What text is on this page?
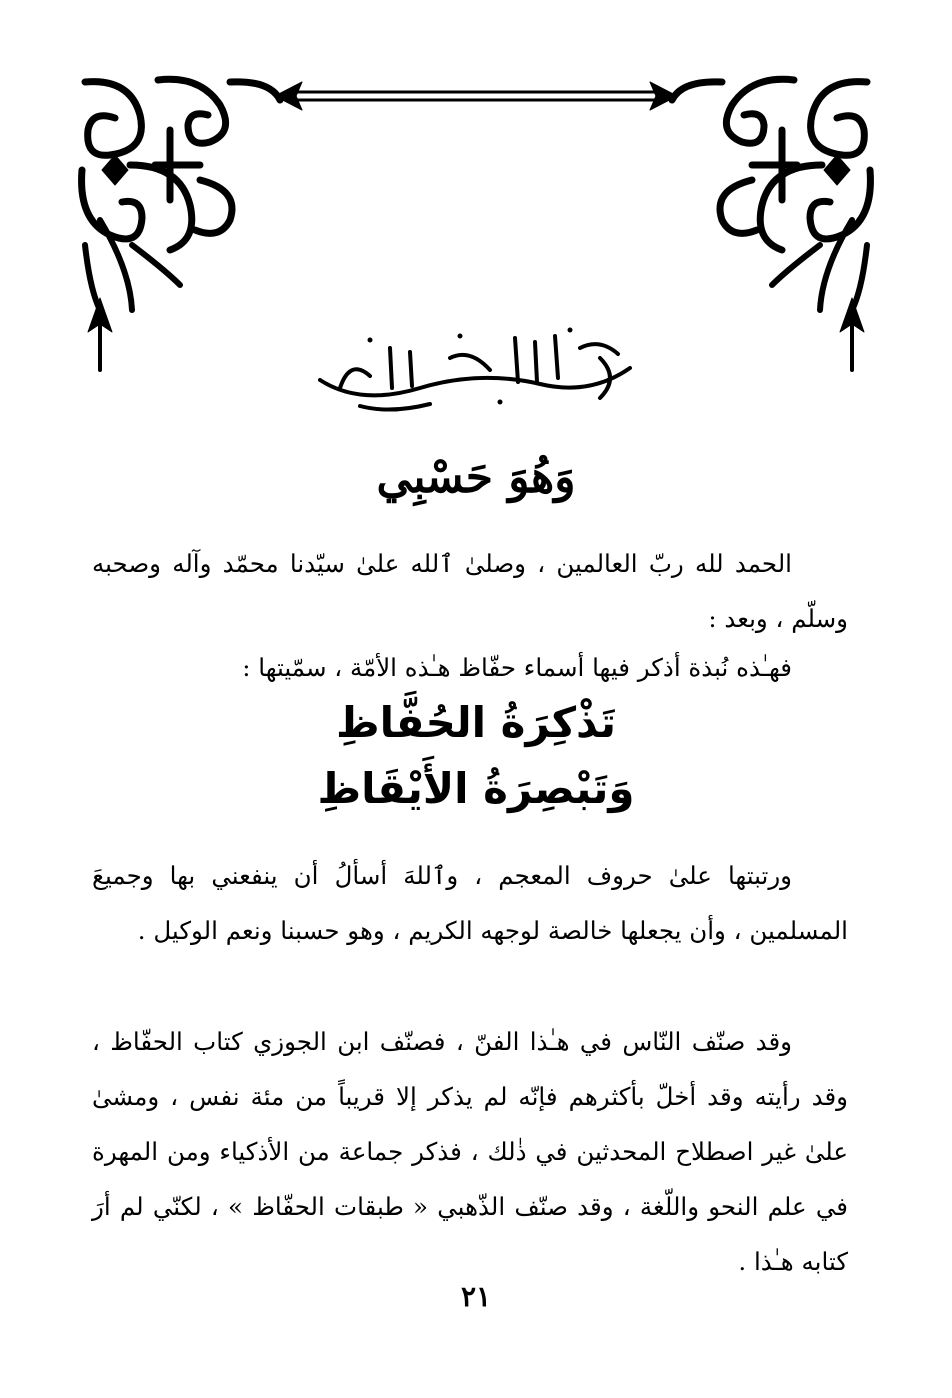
وَهُوَ حَسْبِي
الحمد لله ربّ العالمين ، وصلىٰ ٱلله علىٰ سيّدنا محمّد وآله وصحبه وسلّم ، وبعد :
فهـٰذه نُبذة أذكر فيها أسماء حفّاظ هـٰذه الأمّة ، سمّيتها :
تَذْكِرَةُ الحُفَّاظِ
وَتَبْصِرَةُ الأَيْقَاظِ
ورتبتها علىٰ حروف المعجم ، وٱللهَ أسألُ أن ينفعني بها وجميعَ المسلمين ، وأن يجعلها خالصة لوجهه الكريم ، وهو حسبنا ونعم الوكيل .
وقد صنّف النّاس في هـٰذا الفنّ ، فصنّف ابن الجوزي كتاب الحفّاظ ، وقد رأيته وقد أخلّ بأكثرهم فإنّه لم يذكر إلا قريباً من مئة نفس ، ومشىٰ علىٰ غير اصطلاح المحدثين في ذٰلك ، فذكر جماعة من الأذكياء ومن المهرة في علم النحو واللّغة ، وقد صنّف الذّهبي « طبقات الحفّاظ » ، لكنّي لم أرَ كتابه هـٰذا .
٢١
